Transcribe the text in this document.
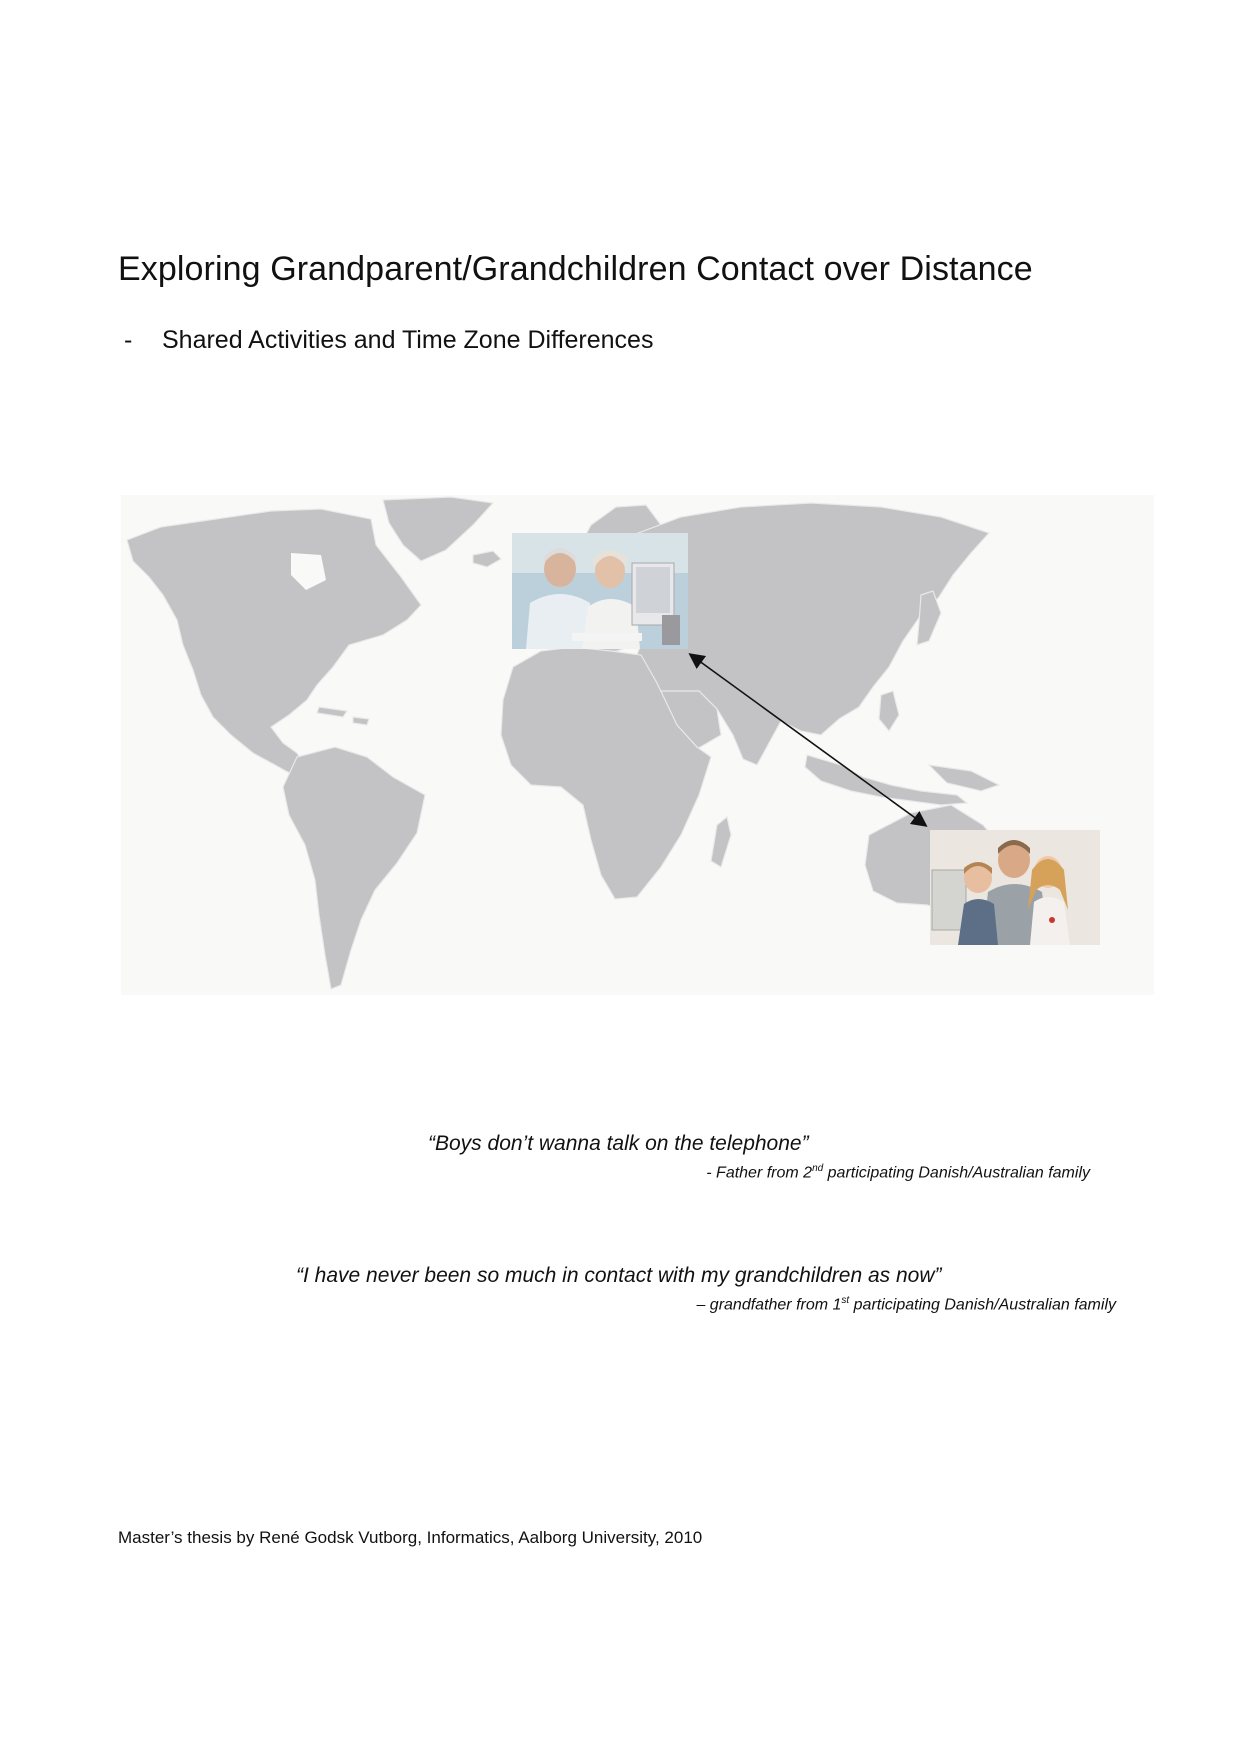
Exploring Grandparent/Grandchildren Contact over Distance

- Shared Activities and Time Zone Differences

“Boys don’t wanna talk on the telephone”

- Father from 2nd participating Danish/Australian family

“I have never been so much in contact with my grandchildren as now”

– grandfather from 1st participating Danish/Australian family

Master’s thesis by René Godsk Vutborg, Informatics, Aalborg University, 2010
